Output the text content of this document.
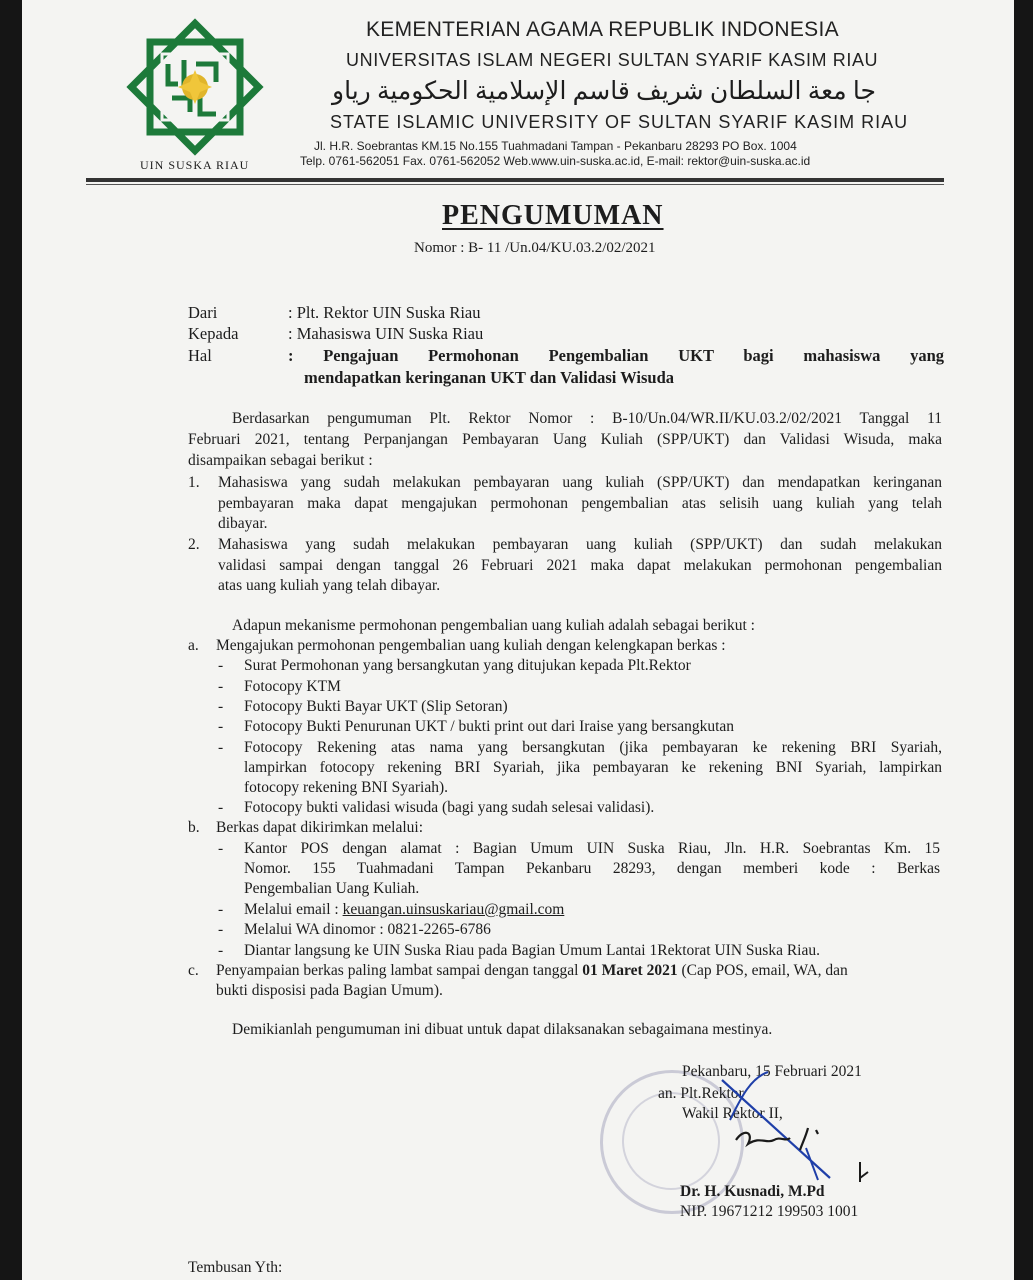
UIN SUSKA RIAU
KEMENTERIAN AGAMA REPUBLIK INDONESIA
UNIVERSITAS ISLAM NEGERI SULTAN SYARIF KASIM RIAU
جا معة السلطان شريف قاسم الإسلامية الحكومية رياو
STATE ISLAMIC UNIVERSITY OF SULTAN SYARIF KASIM RIAU
Jl. H.R. Soebrantas KM.15 No.155 Tuahmadani Tampan - Pekanbaru 28293 PO Box. 1004
Telp. 0761-562051 Fax. 0761-562052 Web.www.uin-suska.ac.id, E-mail: rektor@uin-suska.ac.id
PENGUMUMAN
Nomor : B- 11 /Un.04/KU.03.2/02/2021
Dari	: Plt. Rektor UIN Suska Riau
Kepada	: Mahasiswa UIN Suska Riau
Hal	: Pengajuan Permohonan Pengembalian UKT bagi mahasiswa yang
mendapatkan keringanan UKT dan Validasi Wisuda
Berdasarkan pengumuman Plt. Rektor Nomor : B-10/Un.04/WR.II/KU.03.2/02/2021 Tanggal 11
Februari 2021, tentang Perpanjangan Pembayaran Uang Kuliah (SPP/UKT) dan Validasi Wisuda, maka
disampaikan sebagai berikut :
1. Mahasiswa yang sudah melakukan pembayaran uang kuliah (SPP/UKT) dan mendapatkan keringanan
pembayaran maka dapat mengajukan permohonan pengembalian atas selisih uang kuliah yang telah
dibayar.
2. Mahasiswa yang sudah melakukan pembayaran uang kuliah (SPP/UKT) dan sudah melakukan
validasi sampai dengan tanggal 26 Februari 2021 maka dapat melakukan permohonan pengembalian
atas uang kuliah yang telah dibayar.
Adapun mekanisme permohonan pengembalian uang kuliah adalah sebagai berikut :
a. Mengajukan permohonan pengembalian uang kuliah dengan kelengkapan berkas :
- Surat Permohonan yang bersangkutan yang ditujukan kepada Plt.Rektor
- Fotocopy KTM
- Fotocopy Bukti Bayar UKT (Slip Setoran)
- Fotocopy Bukti Penurunan UKT / bukti print out dari Iraise yang bersangkutan
- Fotocopy Rekening atas nama yang bersangkutan (jika pembayaran ke rekening BRI Syariah,
lampirkan fotocopy rekening BRI Syariah, jika pembayaran ke rekening BNI Syariah, lampirkan
fotocopy rekening BNI Syariah).
- Fotocopy bukti validasi wisuda (bagi yang sudah selesai validasi).
b. Berkas dapat dikirimkan melalui:
- Kantor POS dengan alamat : Bagian Umum UIN Suska Riau, Jln. H.R. Soebrantas Km. 15
Nomor. 155 Tuahmadani Tampan Pekanbaru 28293, dengan memberi kode : Berkas
Pengembalian Uang Kuliah.
- Melalui email : keuangan.uinsuskariau@gmail.com
- Melalui WA dinomor : 0821-2265-6786
- Diantar langsung ke UIN Suska Riau pada Bagian Umum Lantai 1Rektorat UIN Suska Riau.
c. Penyampaian berkas paling lambat sampai dengan tanggal 01 Maret 2021 (Cap POS, email, WA, dan
bukti disposisi pada Bagian Umum).
Demikianlah pengumuman ini dibuat untuk dapat dilaksanakan sebagaimana mestinya.
Pekanbaru, 15 Februari 2021
an. Plt.Rektor
Wakil Rektor II,
Dr. H. Kusnadi, M.Pd
NIP. 19671212 199503 1001
Tembusan Yth:
